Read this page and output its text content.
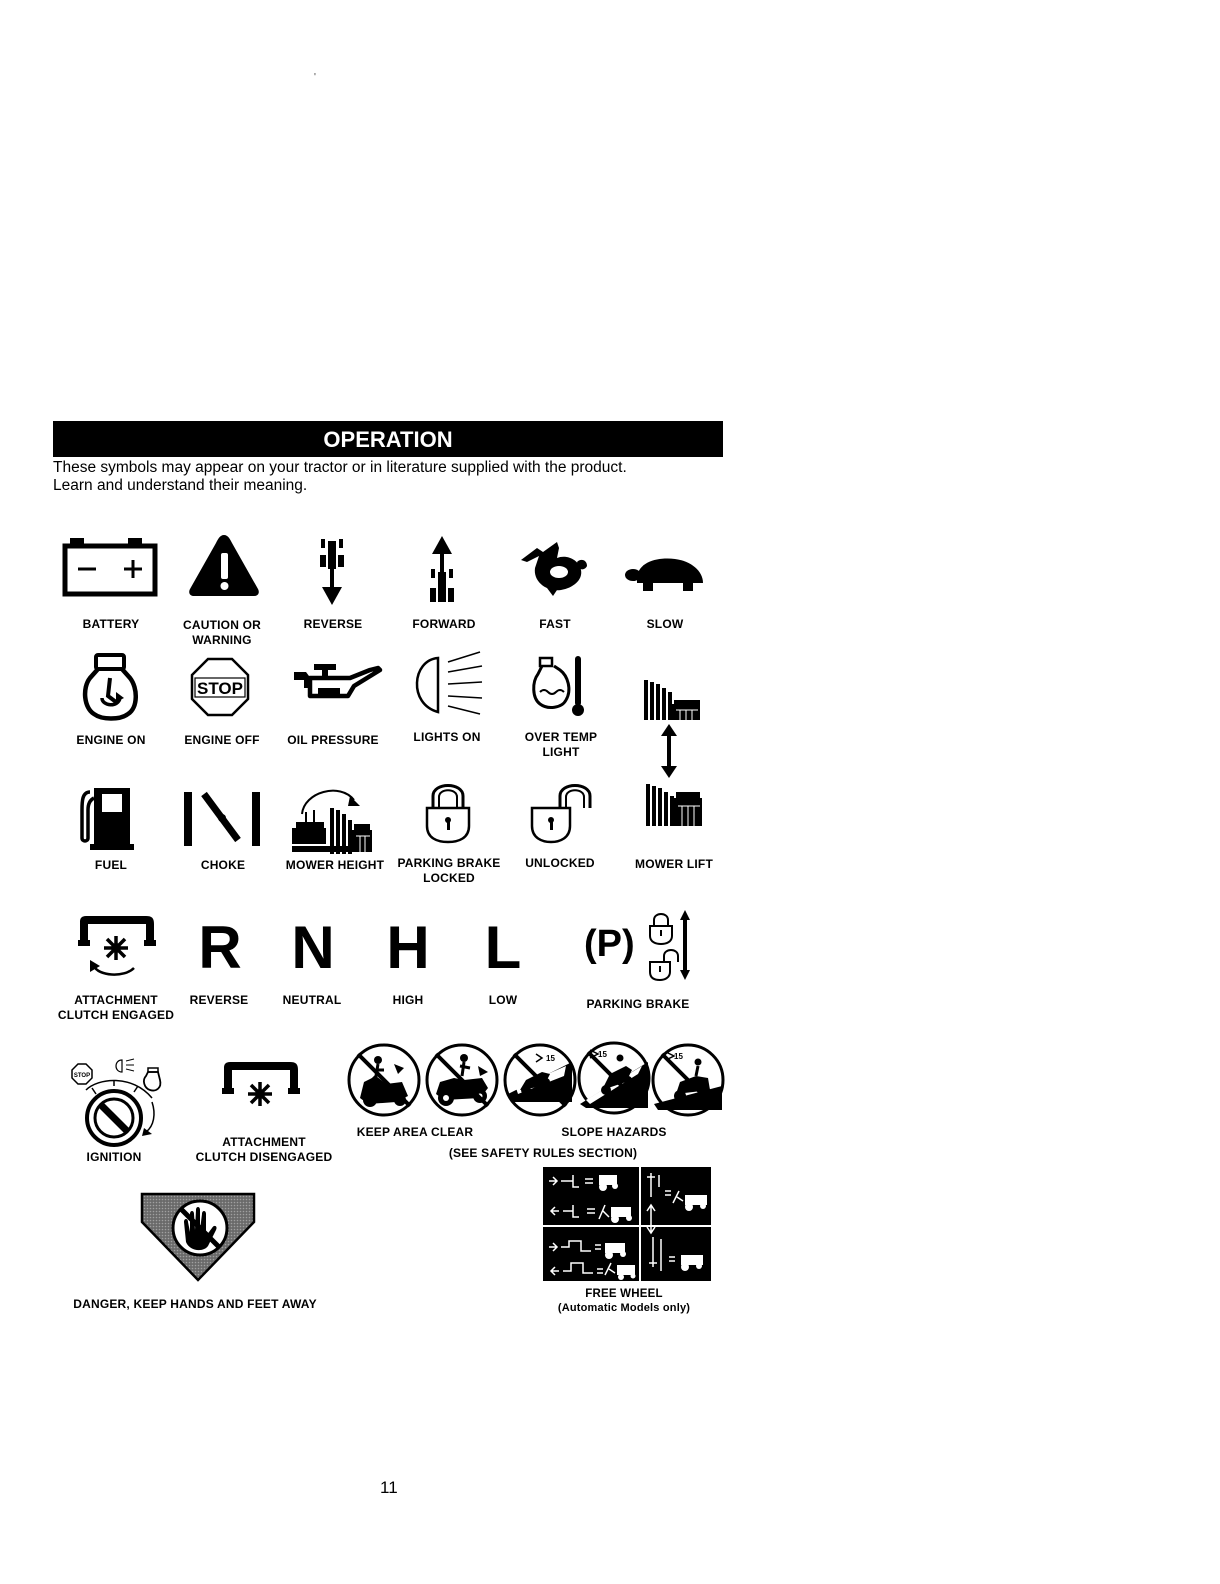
'
OPERATION
These symbols may appear on your tractor or in literature supplied with the product.
Learn and understand their meaning.
BATTERY	CAUTION OR
WARNING
REVERSE	FORWARD	FAST	SLOW
ENGINE ON
STOP
ENGINE OFF OIL PRESSURE	LIGHTS ON	OVER TEMP
LIGHT
FUEL	CHOKE	MOWER HEIGHT PARKING BRAKE
LOCKED
UNLOCKED	MOWER LIFT
ATTACHMENT
CLUTCH ENGAGED
R
REVERSE
N
NEUTRAL
H
HIGH
L
LOW
(P)
PARKING BRAKE
STOP
IGNITION
ATTACHMENT
CLUTCH DISENGAGED
15	15	15
KEEP AREA CLEAR	SLOPE HAZARDS
(SEE SAFETY RULES SECTION)
DANGER, KEEP HANDS AND FEET AWAY
FREE WHEEL
(Automatic Models only)
11
